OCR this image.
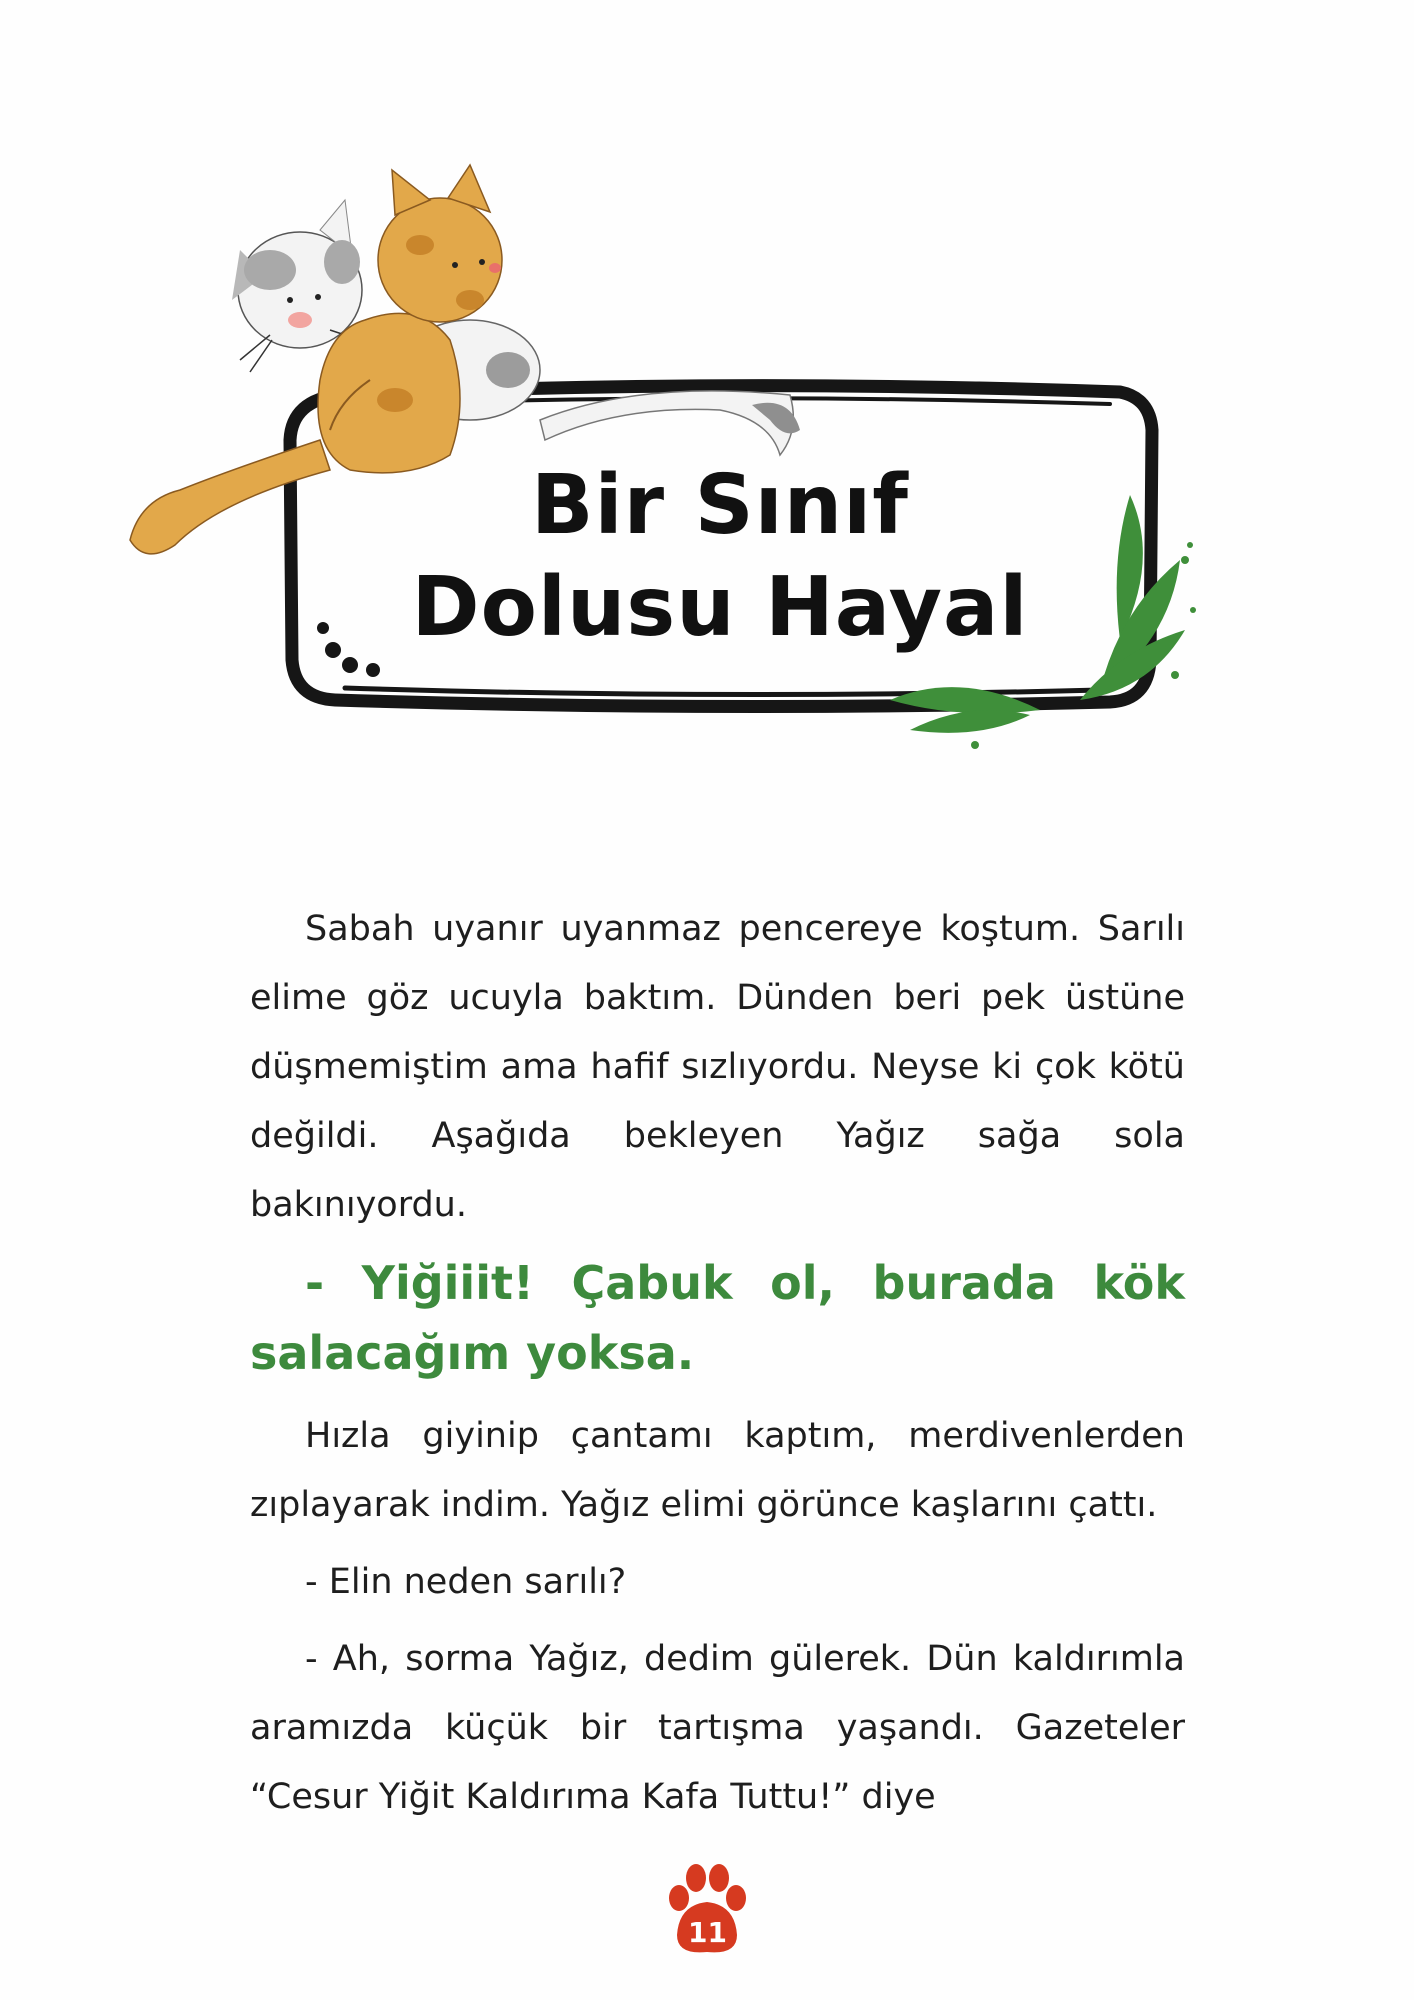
Bir Sınıf
Dolusu Hayal

Sabah uyanır uyanmaz pencereye koştum. Sarılı elime göz ucuyla baktım. Dünden beri pek üstüne düşmemiştim ama hafif sızlıyordu. Neyse ki çok kötü değildi. Aşağıda bekleyen Yağız sağa sola bakınıyordu.

- Yiğiiit! Çabuk ol, burada kök salacağım yoksa.

Hızla giyinip çantamı kaptım, merdivenlerden zıplayarak indim. Yağız elimi görünce kaşlarını çattı.

- Elin neden sarılı?

- Ah, sorma Yağız, dedim gülerek. Dün kaldırımla aramızda küçük bir tartışma yaşandı. Gazeteler “Cesur Yiğit Kaldırıma Kafa Tuttu!” diye

11
